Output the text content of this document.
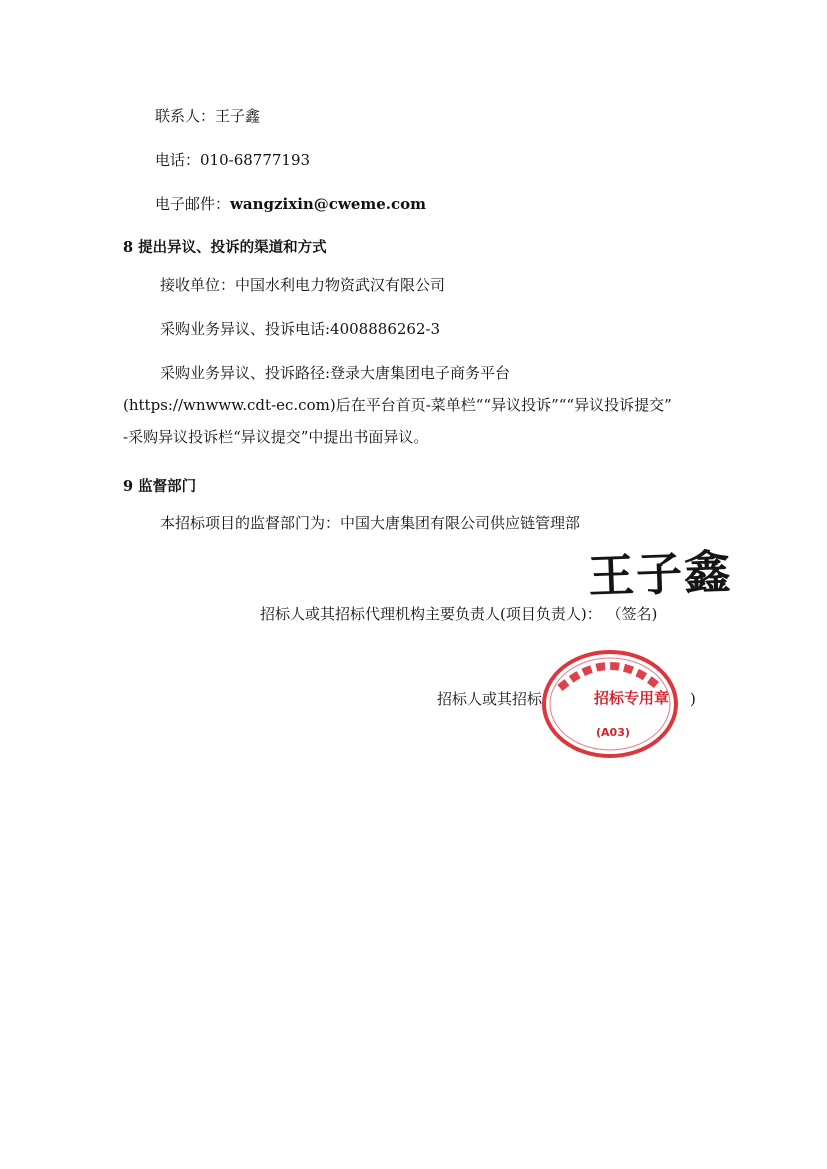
联系人：王子鑫
电话：010-68777193
电子邮件：wangzixin@cweme.com
8 提出异议、投诉的渠道和方式
接收单位：中国水利电力物资武汉有限公司
采购业务异议、投诉电话:4008886262-3
采购业务异议、投诉路径:登录大唐集团电子商务平台
(https://wnwww.cdt-ec.com)后在平台首页-菜单栏““异议投诉”““异议投诉提交”
-采购异议投诉栏“异议提交”中提出书面异议。
9 监督部门
本招标项目的监督部门为：中国大唐集团有限公司供应链管理部
王子鑫
招标人或其招标代理机构主要负责人(项目负责人)： （签名)
招标人或其招标	)
招标专用章
(A03)
